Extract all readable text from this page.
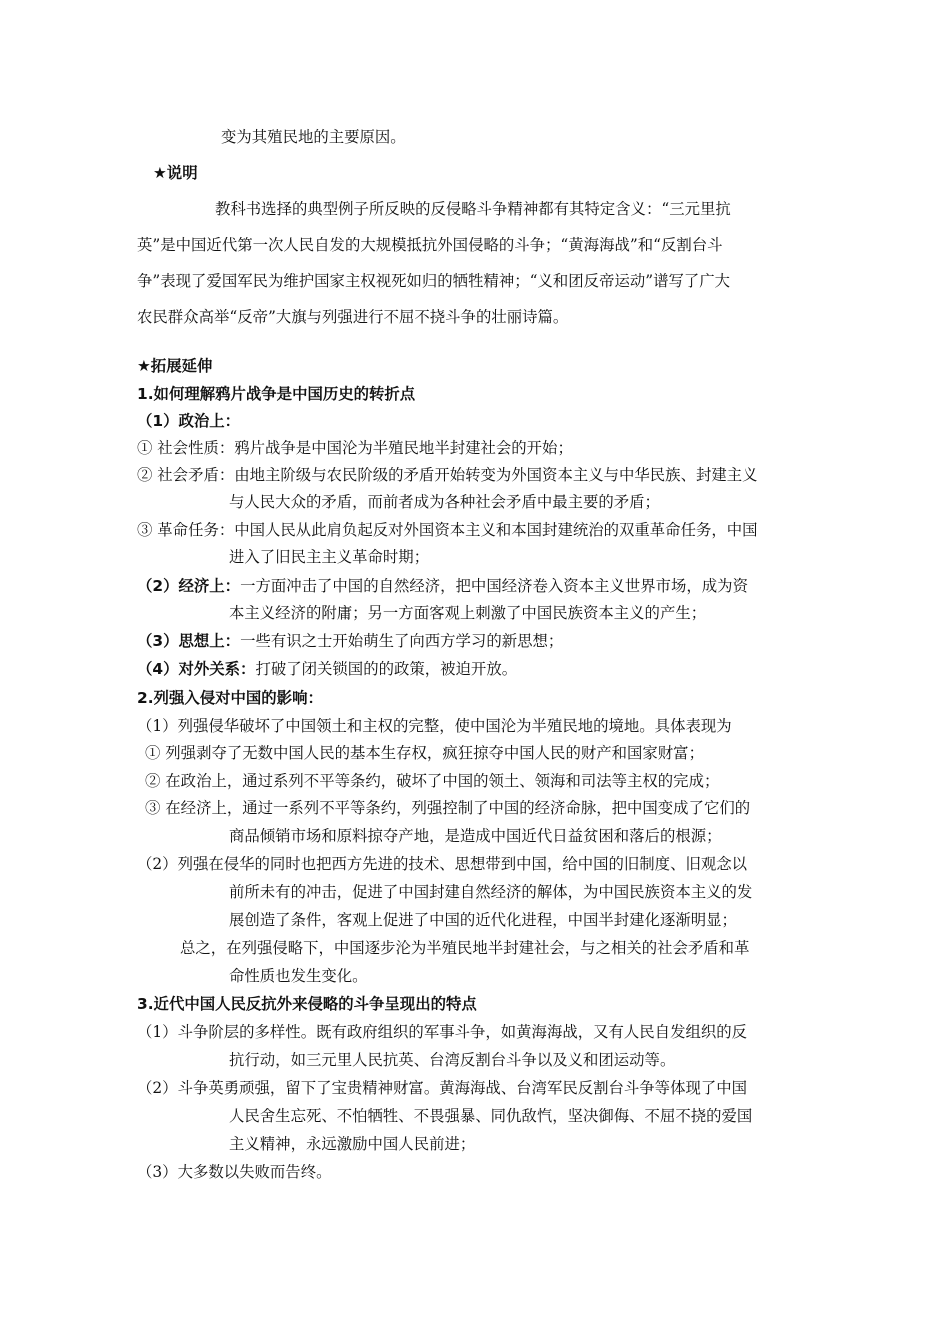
变为其殖民地的主要原因。
★说明
教科书选择的典型例子所反映的反侵略斗争精神都有其特定含义：“三元里抗
英”是中国近代第一次人民自发的大规模抵抗外国侵略的斗争；“黄海海战”和“反割台斗
争”表现了爱国军民为维护国家主权视死如归的牺牲精神；“义和团反帝运动”谱写了广大
农民群众高举“反帝”大旗与列强进行不屈不挠斗争的壮丽诗篇。
★拓展延伸
1.如何理解鸦片战争是中国历史的转折点
（1）政治上：
① 社会性质：鸦片战争是中国沦为半殖民地半封建社会的开始；
② 社会矛盾：由地主阶级与农民阶级的矛盾开始转变为外国资本主义与中华民族、封建主义
与人民大众的矛盾，而前者成为各种社会矛盾中最主要的矛盾；
③ 革命任务：中国人民从此肩负起反对外国资本主义和本国封建统治的双重革命任务，中国
进入了旧民主主义革命时期；
（2）经济上：一方面冲击了中国的自然经济，把中国经济卷入资本主义世界市场，成为资
本主义经济的附庸；另一方面客观上刺激了中国民族资本主义的产生；
（3）思想上：一些有识之士开始萌生了向西方学习的新思想；
（4）对外关系：打破了闭关锁国的的政策，被迫开放。
2.列强入侵对中国的影响：
（1）列强侵华破坏了中国领土和主权的完整，使中国沦为半殖民地的境地。具体表现为
① 列强剥夺了无数中国人民的基本生存权，疯狂掠夺中国人民的财产和国家财富；
② 在政治上，通过系列不平等条约，破坏了中国的领土、领海和司法等主权的完成；
③ 在经济上，通过一系列不平等条约，列强控制了中国的经济命脉，把中国变成了它们的
商品倾销市场和原料掠夺产地，是造成中国近代日益贫困和落后的根源；
（2）列强在侵华的同时也把西方先进的技术、思想带到中国，给中国的旧制度、旧观念以
前所未有的冲击，促进了中国封建自然经济的解体，为中国民族资本主义的发
展创造了条件，客观上促进了中国的近代化进程，中国半封建化逐渐明显；
总之，在列强侵略下，中国逐步沦为半殖民地半封建社会，与之相关的社会矛盾和革
命性质也发生变化。
3.近代中国人民反抗外来侵略的斗争呈现出的特点
（1）斗争阶层的多样性。既有政府组织的军事斗争，如黄海海战，又有人民自发组织的反
抗行动，如三元里人民抗英、台湾反割台斗争以及义和团运动等。
（2）斗争英勇顽强，留下了宝贵精神财富。黄海海战、台湾军民反割台斗争等体现了中国
人民舍生忘死、不怕牺牲、不畏强暴、同仇敌忾，坚决御侮、不屈不挠的爱国
主义精神，永远激励中国人民前进；
（3）大多数以失败而告终。
